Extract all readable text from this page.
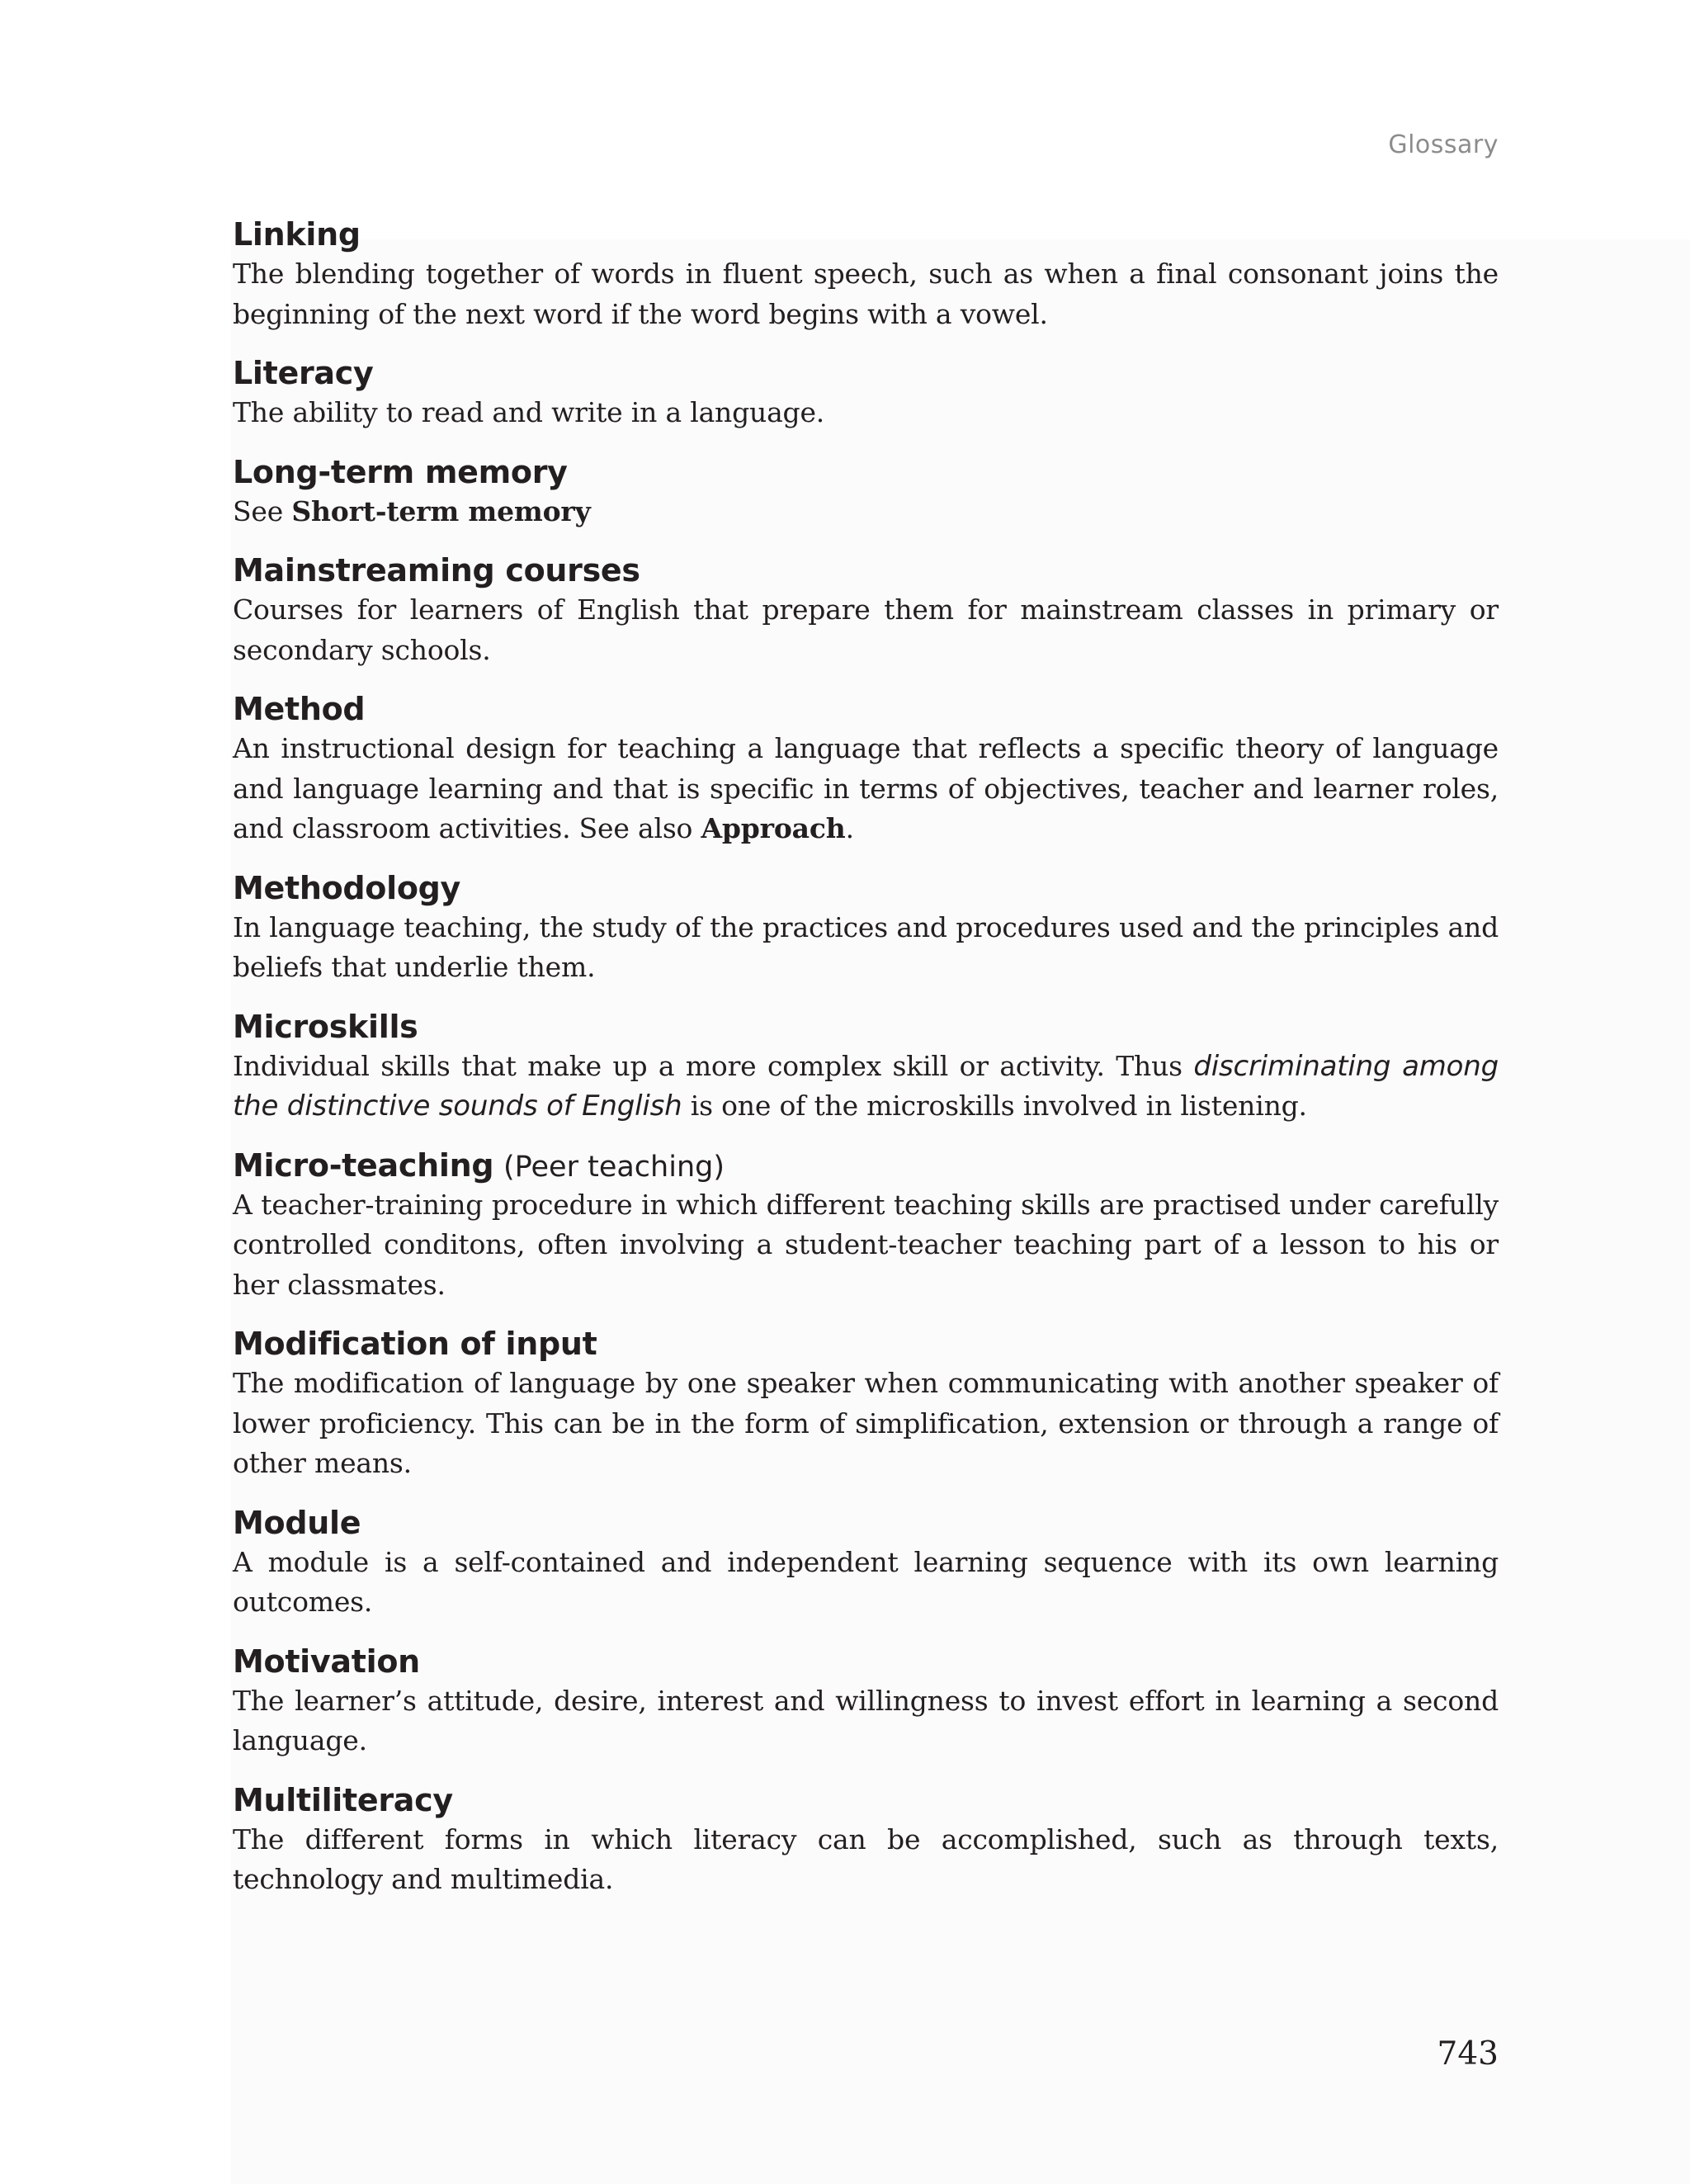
Glossary
Linking

The blending together of words in fluent speech, such as when a final consonant joins the beginning of the next word if the word begins with a vowel.

Literacy

The ability to read and write in a language.

Long-term memory

See Short-term memory

Mainstreaming courses

Courses for learners of English that prepare them for mainstream classes in primary or secondary schools.

Method

An instructional design for teaching a language that reflects a specific theory of language and language learning and that is specific in terms of objectives, teacher and learner roles, and classroom activities. See also Approach.

Methodology

In language teaching, the study of the practices and procedures used and the principles and beliefs that underlie them.

Microskills

Individual skills that make up a more complex skill or activity. Thus discriminating among the distinctive sounds of English is one of the microskills involved in listening.

Micro-teaching (Peer teaching)

A teacher-training procedure in which different teaching skills are practised under carefully controlled conditons, often involving a student-teacher teaching part of a lesson to his or her classmates.

Modification of input

The modification of language by one speaker when communicating with another speaker of lower proficiency. This can be in the form of simplification, extension or through a range of other means.

Module

A module is a self-contained and independent learning sequence with its own learning outcomes.

Motivation

The learner’s attitude, desire, interest and willingness to invest effort in learning a second language.

Multiliteracy

The different forms in which literacy can be accomplished, such as through texts, technology and multimedia.

743
